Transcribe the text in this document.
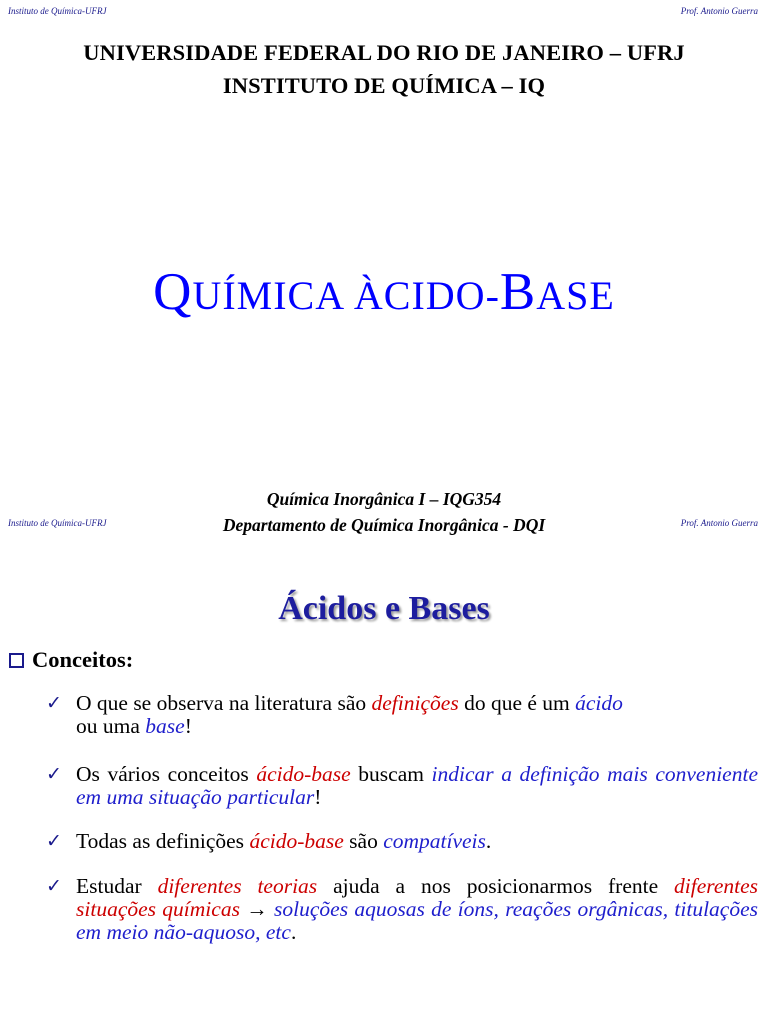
Instituto de Química-UFRJ	Prof. Antonio Guerra
UNIVERSIDADE FEDERAL DO RIO DE JANEIRO – UFRJ
INSTITUTO DE QUÍMICA – IQ
QUÍMICA ÀCIDO-BASE
Química Inorgânica I – IQG354
Departamento de Química Inorgânica - DQI
Instituto de Química-UFRJ	Prof. Antonio Guerra
Ácidos e Bases
Conceitos:
✓ O que se observa na literatura são definições do que é um ácido
ou uma base!
✓ Os vários conceitos ácido-base buscam indicar a definição mais conveniente em uma situação particular!
✓ Todas as definições ácido-base são compatíveis.
✓ Estudar diferentes teorias ajuda a nos posicionarmos frente diferentes situações químicas → soluções aquosas de íons, reações orgânicas, titulações em meio não-aquoso, etc.
